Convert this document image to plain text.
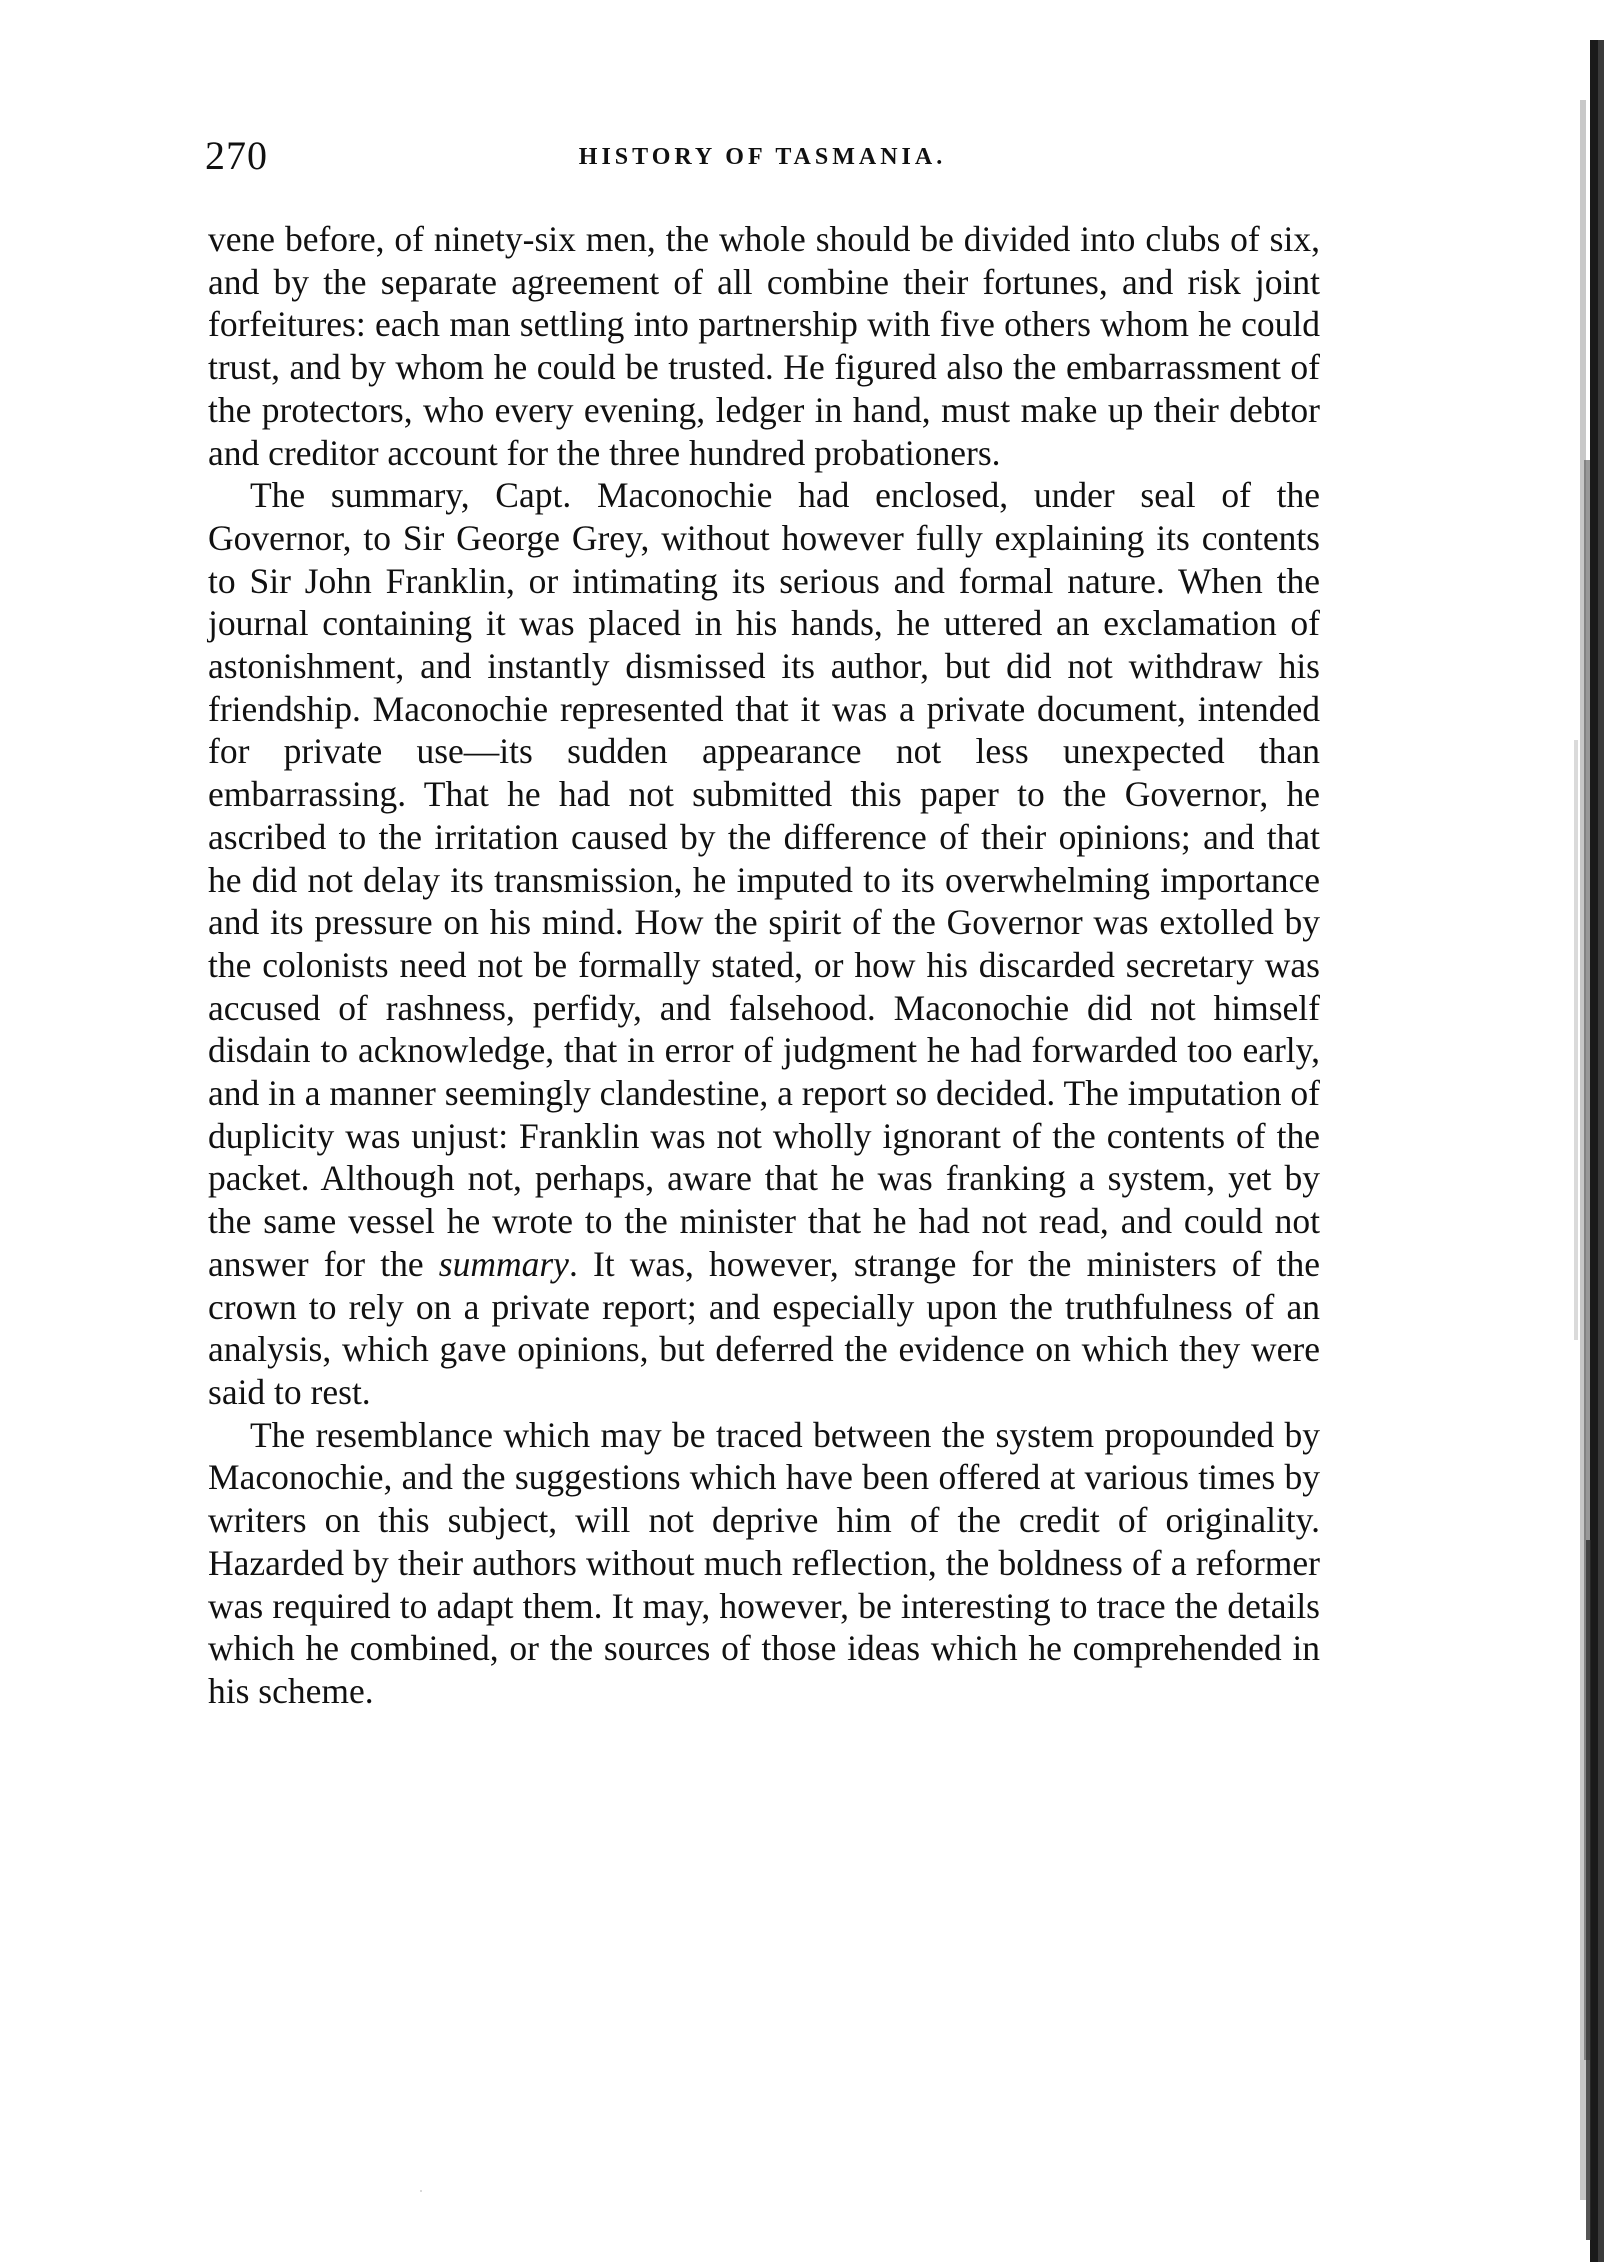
270	HISTORY OF TASMANIA.

vene before, of ninety-six men, the whole should be divided into clubs of six, and by the separate agreement of all combine their fortunes, and risk joint forfeitures: each man settling into partnership with five others whom he could trust, and by whom he could be trusted. He figured also the embarrassment of the protectors, who every evening, ledger in hand, must make up their debtor and creditor account for the three hundred probationers.

The summary, Capt. Maconochie had enclosed, under seal of the Governor, to Sir George Grey, without however fully explaining its contents to Sir John Franklin, or intimating its serious and formal nature. When the journal containing it was placed in his hands, he uttered an exclamation of astonishment, and instantly dismissed its author, but did not withdraw his friendship. Maconochie represented that it was a private document, intended for private use—its sudden appearance not less unexpected than embarrassing. That he had not submitted this paper to the Governor, he ascribed to the irritation caused by the difference of their opinions; and that he did not delay its transmission, he imputed to its overwhelming importance and its pressure on his mind. How the spirit of the Governor was extolled by the colonists need not be formally stated, or how his discarded secretary was accused of rashness, perfidy, and falsehood. Maconochie did not himself disdain to acknowledge, that in error of judgment he had forwarded too early, and in a manner seemingly clandestine, a report so decided. The imputation of duplicity was unjust: Franklin was not wholly ignorant of the contents of the packet. Although not, perhaps, aware that he was franking a system, yet by the same vessel he wrote to the minister that he had not read, and could not answer for the summary. It was, however, strange for the ministers of the crown to rely on a private report; and especially upon the truthfulness of an analysis, which gave opinions, but deferred the evidence on which they were said to rest.

The resemblance which may be traced between the system propounded by Maconochie, and the suggestions which have been offered at various times by writers on this subject, will not deprive him of the credit of originality. Hazarded by their authors without much reflection, the boldness of a reformer was required to adapt them. It may, however, be interesting to trace the details which he combined, or the sources of those ideas which he comprehended in his scheme.
